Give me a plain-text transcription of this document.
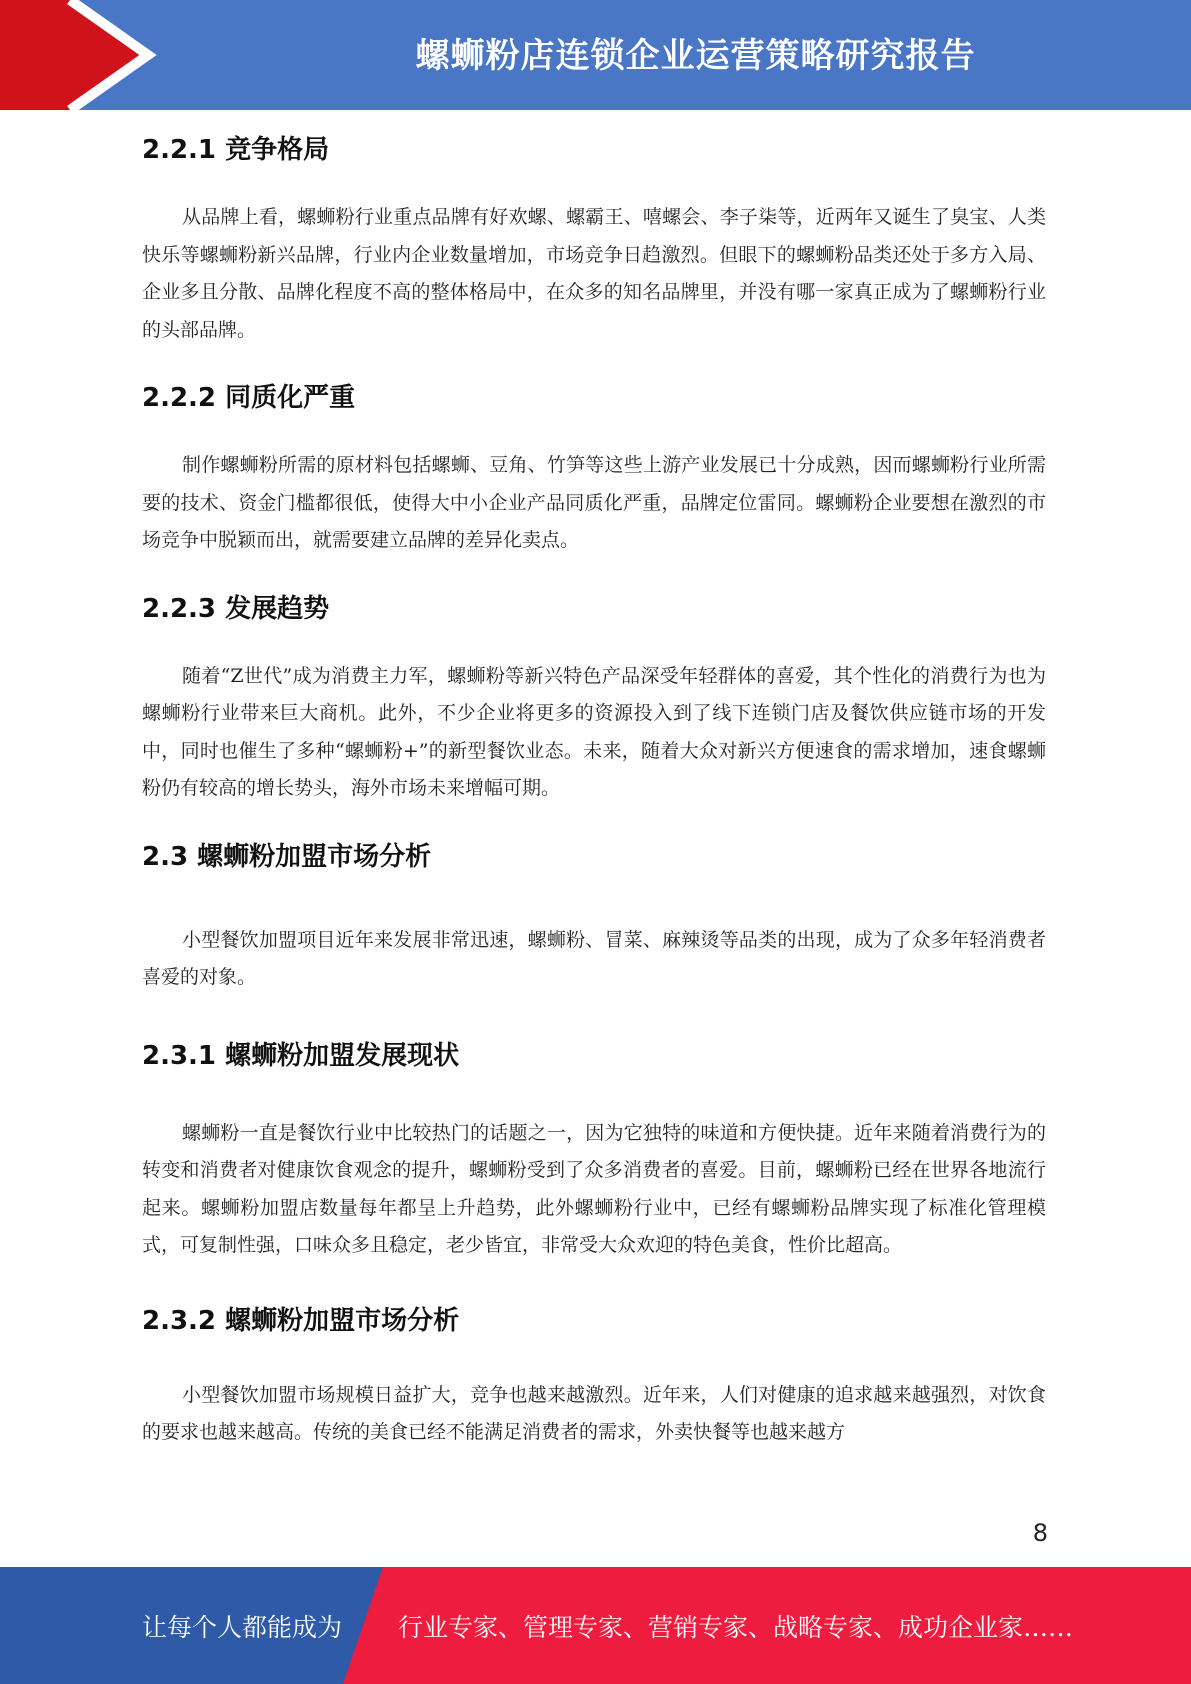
螺蛳粉店连锁企业运营策略研究报告
2.2.1 竞争格局

从品牌上看，螺蛳粉行业重点品牌有好欢螺、螺霸王、嘻螺会、李子柒等，近两年又诞生了臭宝、人类快乐等螺蛳粉新兴品牌，行业内企业数量增加，市场竞争日趋激烈。但眼下的螺蛳粉品类还处于多方入局、企业多且分散、品牌化程度不高的整体格局中，在众多的知名品牌里，并没有哪一家真正成为了螺蛳粉行业的头部品牌。

2.2.2 同质化严重

制作螺蛳粉所需的原材料包括螺蛳、豆角、竹笋等这些上游产业发展已十分成熟，因而螺蛳粉行业所需要的技术、资金门槛都很低，使得大中小企业产品同质化严重，品牌定位雷同。螺蛳粉企业要想在激烈的市场竞争中脱颖而出，就需要建立品牌的差异化卖点。

2.2.3 发展趋势

随着“Z世代”成为消费主力军，螺蛳粉等新兴特色产品深受年轻群体的喜爱，其个性化的消费行为也为螺蛳粉行业带来巨大商机。此外，不少企业将更多的资源投入到了线下连锁门店及餐饮供应链市场的开发中，同时也催生了多种“螺蛳粉+”的新型餐饮业态。未来，随着大众对新兴方便速食的需求增加，速食螺蛳粉仍有较高的增长势头，海外市场未来增幅可期。

2.3 螺蛳粉加盟市场分析

小型餐饮加盟项目近年来发展非常迅速，螺蛳粉、冒菜、麻辣烫等品类的出现，成为了众多年轻消费者喜爱的对象。

2.3.1 螺蛳粉加盟发展现状

螺蛳粉一直是餐饮行业中比较热门的话题之一，因为它独特的味道和方便快捷。近年来随着消费行为的转变和消费者对健康饮食观念的提升，螺蛳粉受到了众多消费者的喜爱。目前，螺蛳粉已经在世界各地流行起来。螺蛳粉加盟店数量每年都呈上升趋势，此外螺蛳粉行业中，已经有螺蛳粉品牌实现了标准化管理模式，可复制性强，口味众多且稳定，老少皆宜，非常受大众欢迎的特色美食，性价比超高。

2.3.2 螺蛳粉加盟市场分析

小型餐饮加盟市场规模日益扩大，竞争也越来越激烈。近年来，人们对健康的追求越来越强烈，对饮食的要求也越来越高。传统的美食已经不能满足消费者的需求，外卖快餐等也越来越方

8
让每个人都能成为 行业专家、管理专家、营销专家、战略专家、成功企业家……
